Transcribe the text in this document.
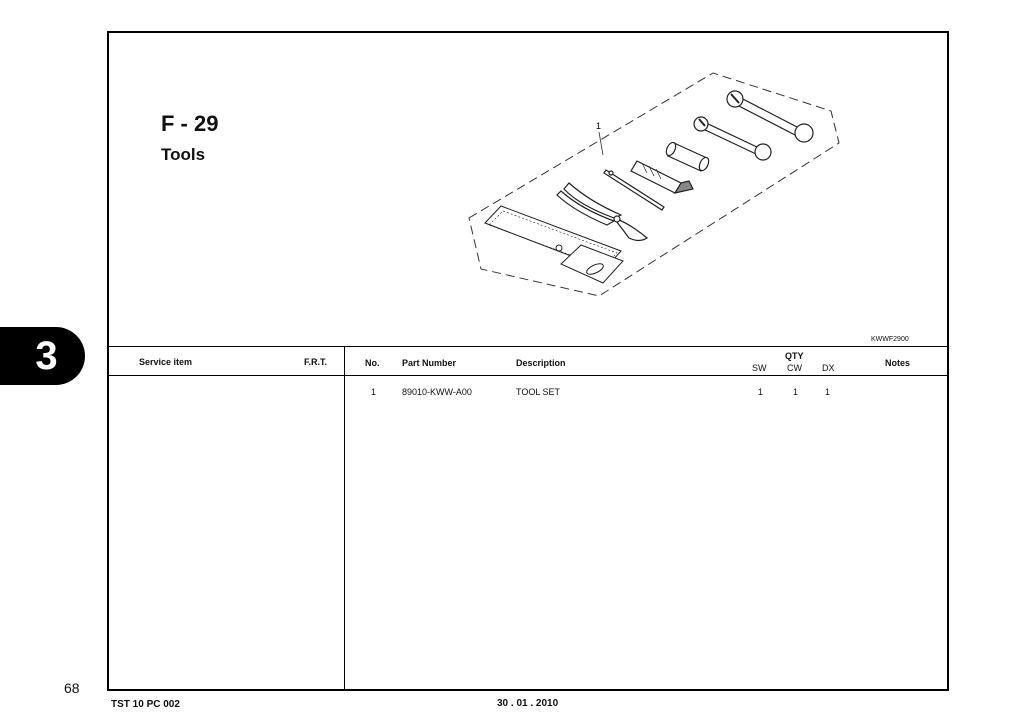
3
F - 29
Tools
1
KWWF2900
Service item	F.R.T.	No.	Part Number	Description
QTY
SW CW DX	Notes
1	89010-KWW-A00	TOOL SET	1	1	1
68
TST 10 PC 002	30 . 01 . 2010
